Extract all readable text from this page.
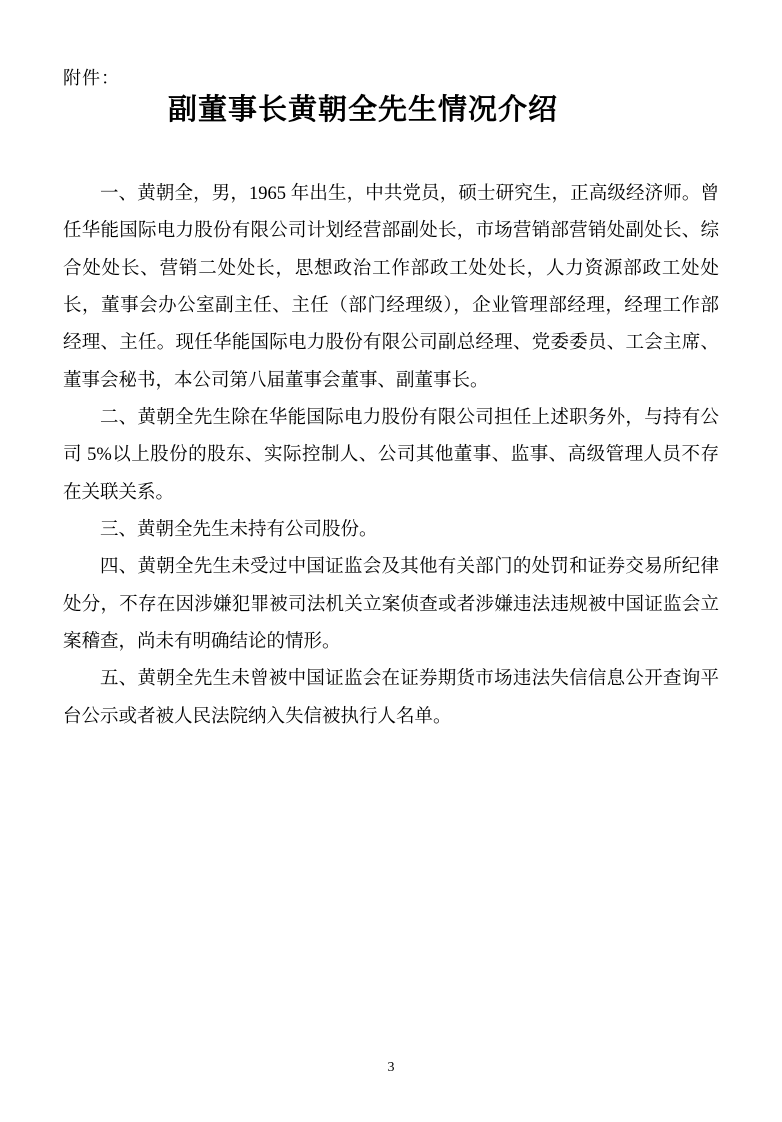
附件：
副董事长黄朝全先生情况介绍

一、黄朝全，男，1965 年出生，中共党员，硕士研究生，正高级经济师。曾任华能国际电力股份有限公司计划经营部副处长，市场营销部营销处副处长、综合处处长、营销二处处长，思想政治工作部政工处处长，人力资源部政工处处长，董事会办公室副主任、主任（部门经理级），企业管理部经理，经理工作部经理、主任。现任华能国际电力股份有限公司副总经理、党委委员、工会主席、董事会秘书，本公司第八届董事会董事、副董事长。

二、黄朝全先生除在华能国际电力股份有限公司担任上述职务外，与持有公司 5%以上股份的股东、实际控制人、公司其他董事、监事、高级管理人员不存在关联关系。

三、黄朝全先生未持有公司股份。

四、黄朝全先生未受过中国证监会及其他有关部门的处罚和证券交易所纪律处分，不存在因涉嫌犯罪被司法机关立案侦查或者涉嫌违法违规被中国证监会立案稽查，尚未有明确结论的情形。

五、黄朝全先生未曾被中国证监会在证券期货市场违法失信信息公开查询平台公示或者被人民法院纳入失信被执行人名单。

3
